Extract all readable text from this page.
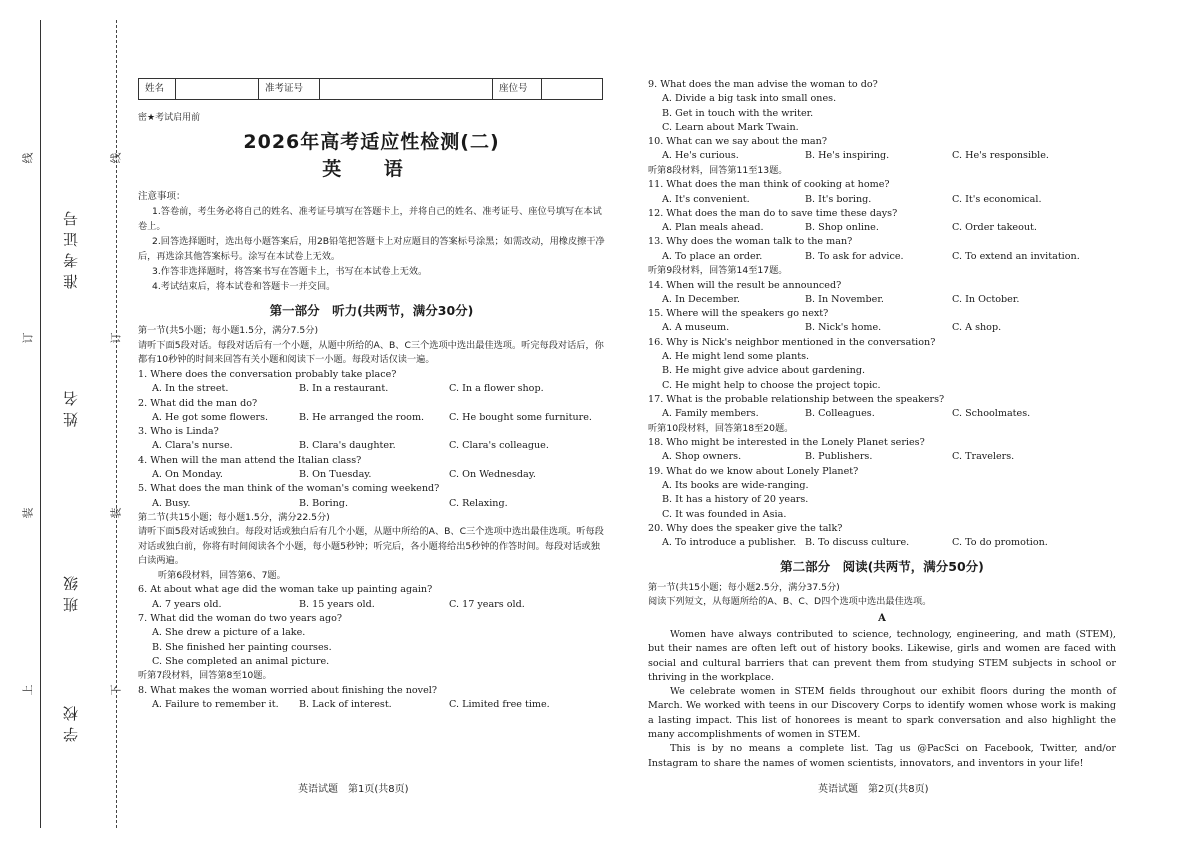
学校
班级
姓名
准考证号
线
订
装
上
线
订
装
下
姓名		准考证号		座位号	
密★考试启用前
2026年高考适应性检测(二)
英 语
注意事项：
1.答卷前，考生务必将自己的姓名、准考证号填写在答题卡上，并将自己的姓名、准考证号、座位号填写在本试卷上。
2.回答选择题时，选出每小题答案后，用2B铅笔把答题卡上对应题目的答案标号涂黑；如需改动，用橡皮擦干净后，再选涂其他答案标号。涂写在本试卷上无效。
3.作答非选择题时，将答案书写在答题卡上，书写在本试卷上无效。
4.考试结束后，将本试卷和答题卡一并交回。
第一部分　听力(共两节，满分30分)
第一节(共5小题；每小题1.5分，满分7.5分)
请听下面5段对话。每段对话后有一个小题，从题中所给的A、B、C三个选项中选出最佳选项。听完每段对话后，你都有10秒钟的时间来回答有关小题和阅读下一小题。每段对话仅读一遍。
1. Where does the conversation probably take place?
A. In the street.	B. In a restaurant.	C. In a flower shop.
2. What did the man do?
A. He got some flowers.	B. He arranged the room.	C. He bought some furniture.
3. Who is Linda?
A. Clara's nurse.	B. Clara's daughter.	C. Clara's colleague.
4. When will the man attend the Italian class?
A. On Monday.	B. On Tuesday.	C. On Wednesday.
5. What does the man think of the woman's coming weekend?
A. Busy.	B. Boring.	C. Relaxing.
第二节(共15小题；每小题1.5分，满分22.5分)
请听下面5段对话或独白。每段对话或独白后有几个小题，从题中所给的A、B、C三个选项中选出最佳选项。听每段对话或独白前，你将有时间阅读各个小题，每小题5秒钟；听完后，各小题将给出5秒钟的作答时间。每段对话或独白读两遍。
听第6段材料，回答第6、7题。
6. At about what age did the woman take up painting again?
A. 7 years old.	B. 15 years old.	C. 17 years old.
7. What did the woman do two years ago?
A. She drew a picture of a lake.
B. She finished her painting courses.
C. She completed an animal picture.
听第7段材料，回答第8至10题。
8. What makes the woman worried about finishing the novel?
A. Failure to remember it.	B. Lack of interest.	C. Limited free time.
英语试题　第1页(共8页)
9. What does the man advise the woman to do?
A. Divide a big task into small ones.
B. Get in touch with the writer.
C. Learn about Mark Twain.
10. What can we say about the man?
A. He's curious.	B. He's inspiring.	C. He's responsible.
听第8段材料，回答第11至13题。
11. What does the man think of cooking at home?
A. It's convenient.	B. It's boring.	C. It's economical.
12. What does the man do to save time these days?
A. Plan meals ahead.	B. Shop online.	C. Order takeout.
13. Why does the woman talk to the man?
A. To place an order.	B. To ask for advice.	C. To extend an invitation.
听第9段材料，回答第14至17题。
14. When will the result be announced?
A. In December.	B. In November.	C. In October.
15. Where will the speakers go next?
A. A museum.	B. Nick's home.	C. A shop.
16. Why is Nick's neighbor mentioned in the conversation?
A. He might lend some plants.
B. He might give advice about gardening.
C. He might help to choose the project topic.
17. What is the probable relationship between the speakers?
A. Family members.	B. Colleagues.	C. Schoolmates.
听第10段材料，回答第18至20题。
18. Who might be interested in the Lonely Planet series?
A. Shop owners.	B. Publishers.	C. Travelers.
19. What do we know about Lonely Planet?
A. Its books are wide-ranging.
B. It has a history of 20 years.
C. It was founded in Asia.
20. Why does the speaker give the talk?
A. To introduce a publisher. B. To discuss culture.	C. To do promotion.
第二部分　阅读(共两节，满分50分)
第一节(共15小题；每小题2.5分，满分37.5分)
阅读下列短文，从每题所给的A、B、C、D四个选项中选出最佳选项。
A
Women have always contributed to science, technology, engineering, and math (STEM), but their names are often left out of history books. Likewise, girls and women are faced with social and cultural barriers that can prevent them from studying STEM subjects in school or thriving in the workplace.
We celebrate women in STEM fields throughout our exhibit floors during the month of March. We worked with teens in our Discovery Corps to identify women whose work is making a lasting impact. This list of honorees is meant to spark conversation and also highlight the many accomplishments of women in STEM.
This is by no means a complete list. Tag us @PacSci on Facebook, Twitter, and/or Instagram to share the names of women scientists, innovators, and inventors in your life!
英语试题　第2页(共8页)
